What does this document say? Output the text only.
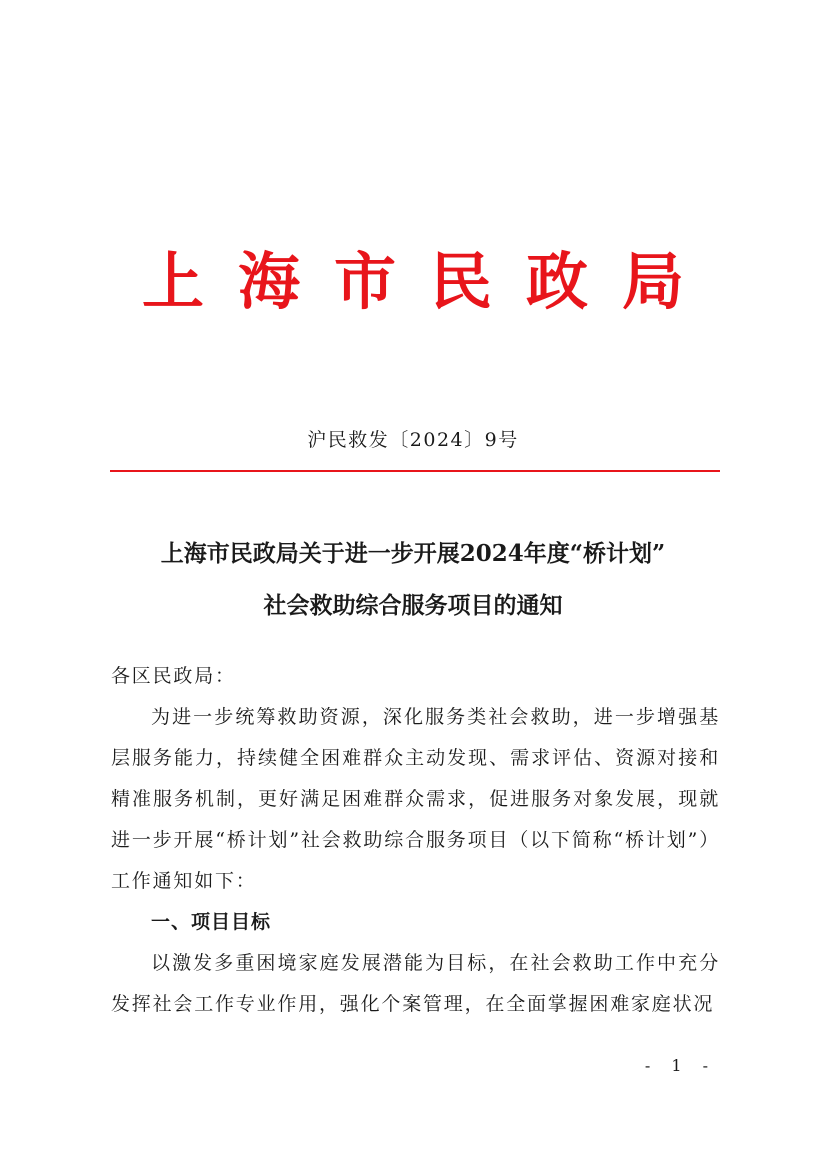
上海市民政局
沪民救发〔2024〕9号
上海市民政局关于进一步开展2024年度“桥计划”
社会救助综合服务项目的通知

各区民政局：

为进一步统筹救助资源，深化服务类社会救助，进一步增强基层服务能力，持续健全困难群众主动发现、需求评估、资源对接和精准服务机制，更好满足困难群众需求，促进服务对象发展，现就进一步开展“桥计划”社会救助综合服务项目（以下简称“桥计划”）工作通知如下：

一、项目目标

以激发多重困境家庭发展潜能为目标，在社会救助工作中充分发挥社会工作专业作用，强化个案管理，在全面掌握困难家庭状况

- 1 -
